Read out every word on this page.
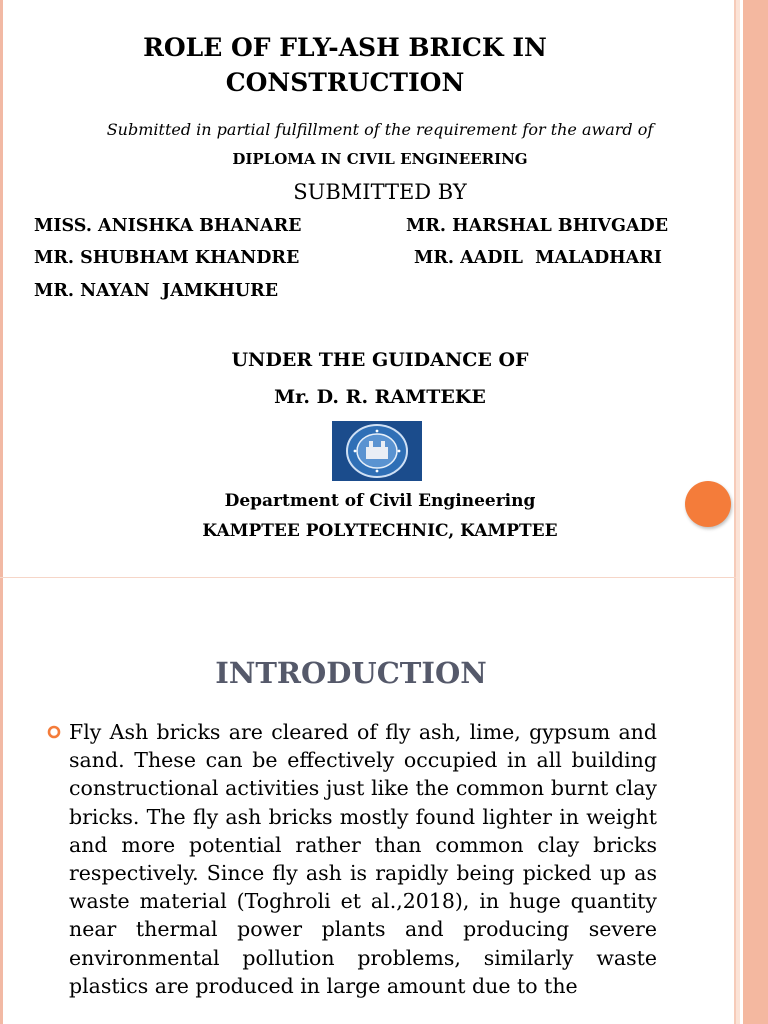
ROLE OF FLY-ASH BRICK IN CONSTRUCTION
Submitted in partial fulfillment of the requirement for the award of
DIPLOMA IN CIVIL ENGINEERING
SUBMITTED BY
MISS. ANISHKA BHANARE	MR. HARSHAL BHIVGADE
MR. SHUBHAM KHANDRE	MR. AADIL  MALADHARI
MR. NAYAN  JAMKHURE
UNDER THE GUIDANCE OF
Mr. D. R. RAMTEKE
Department of Civil Engineering
KAMPTEE POLYTECHNIC, KAMPTEE
INTRODUCTION
Fly Ash bricks are cleared of fly ash, lime, gypsum and sand. These can be effectively occupied in all building constructional activities just like the common burnt clay bricks. The fly ash bricks mostly found lighter in weight and more potential rather than common clay bricks respectively. Since fly ash is rapidly being picked up as waste material (Toghroli et al.,2018), in huge quantity near thermal power plants and producing severe environmental pollution problems, similarly waste plastics are produced in large amount due to the
